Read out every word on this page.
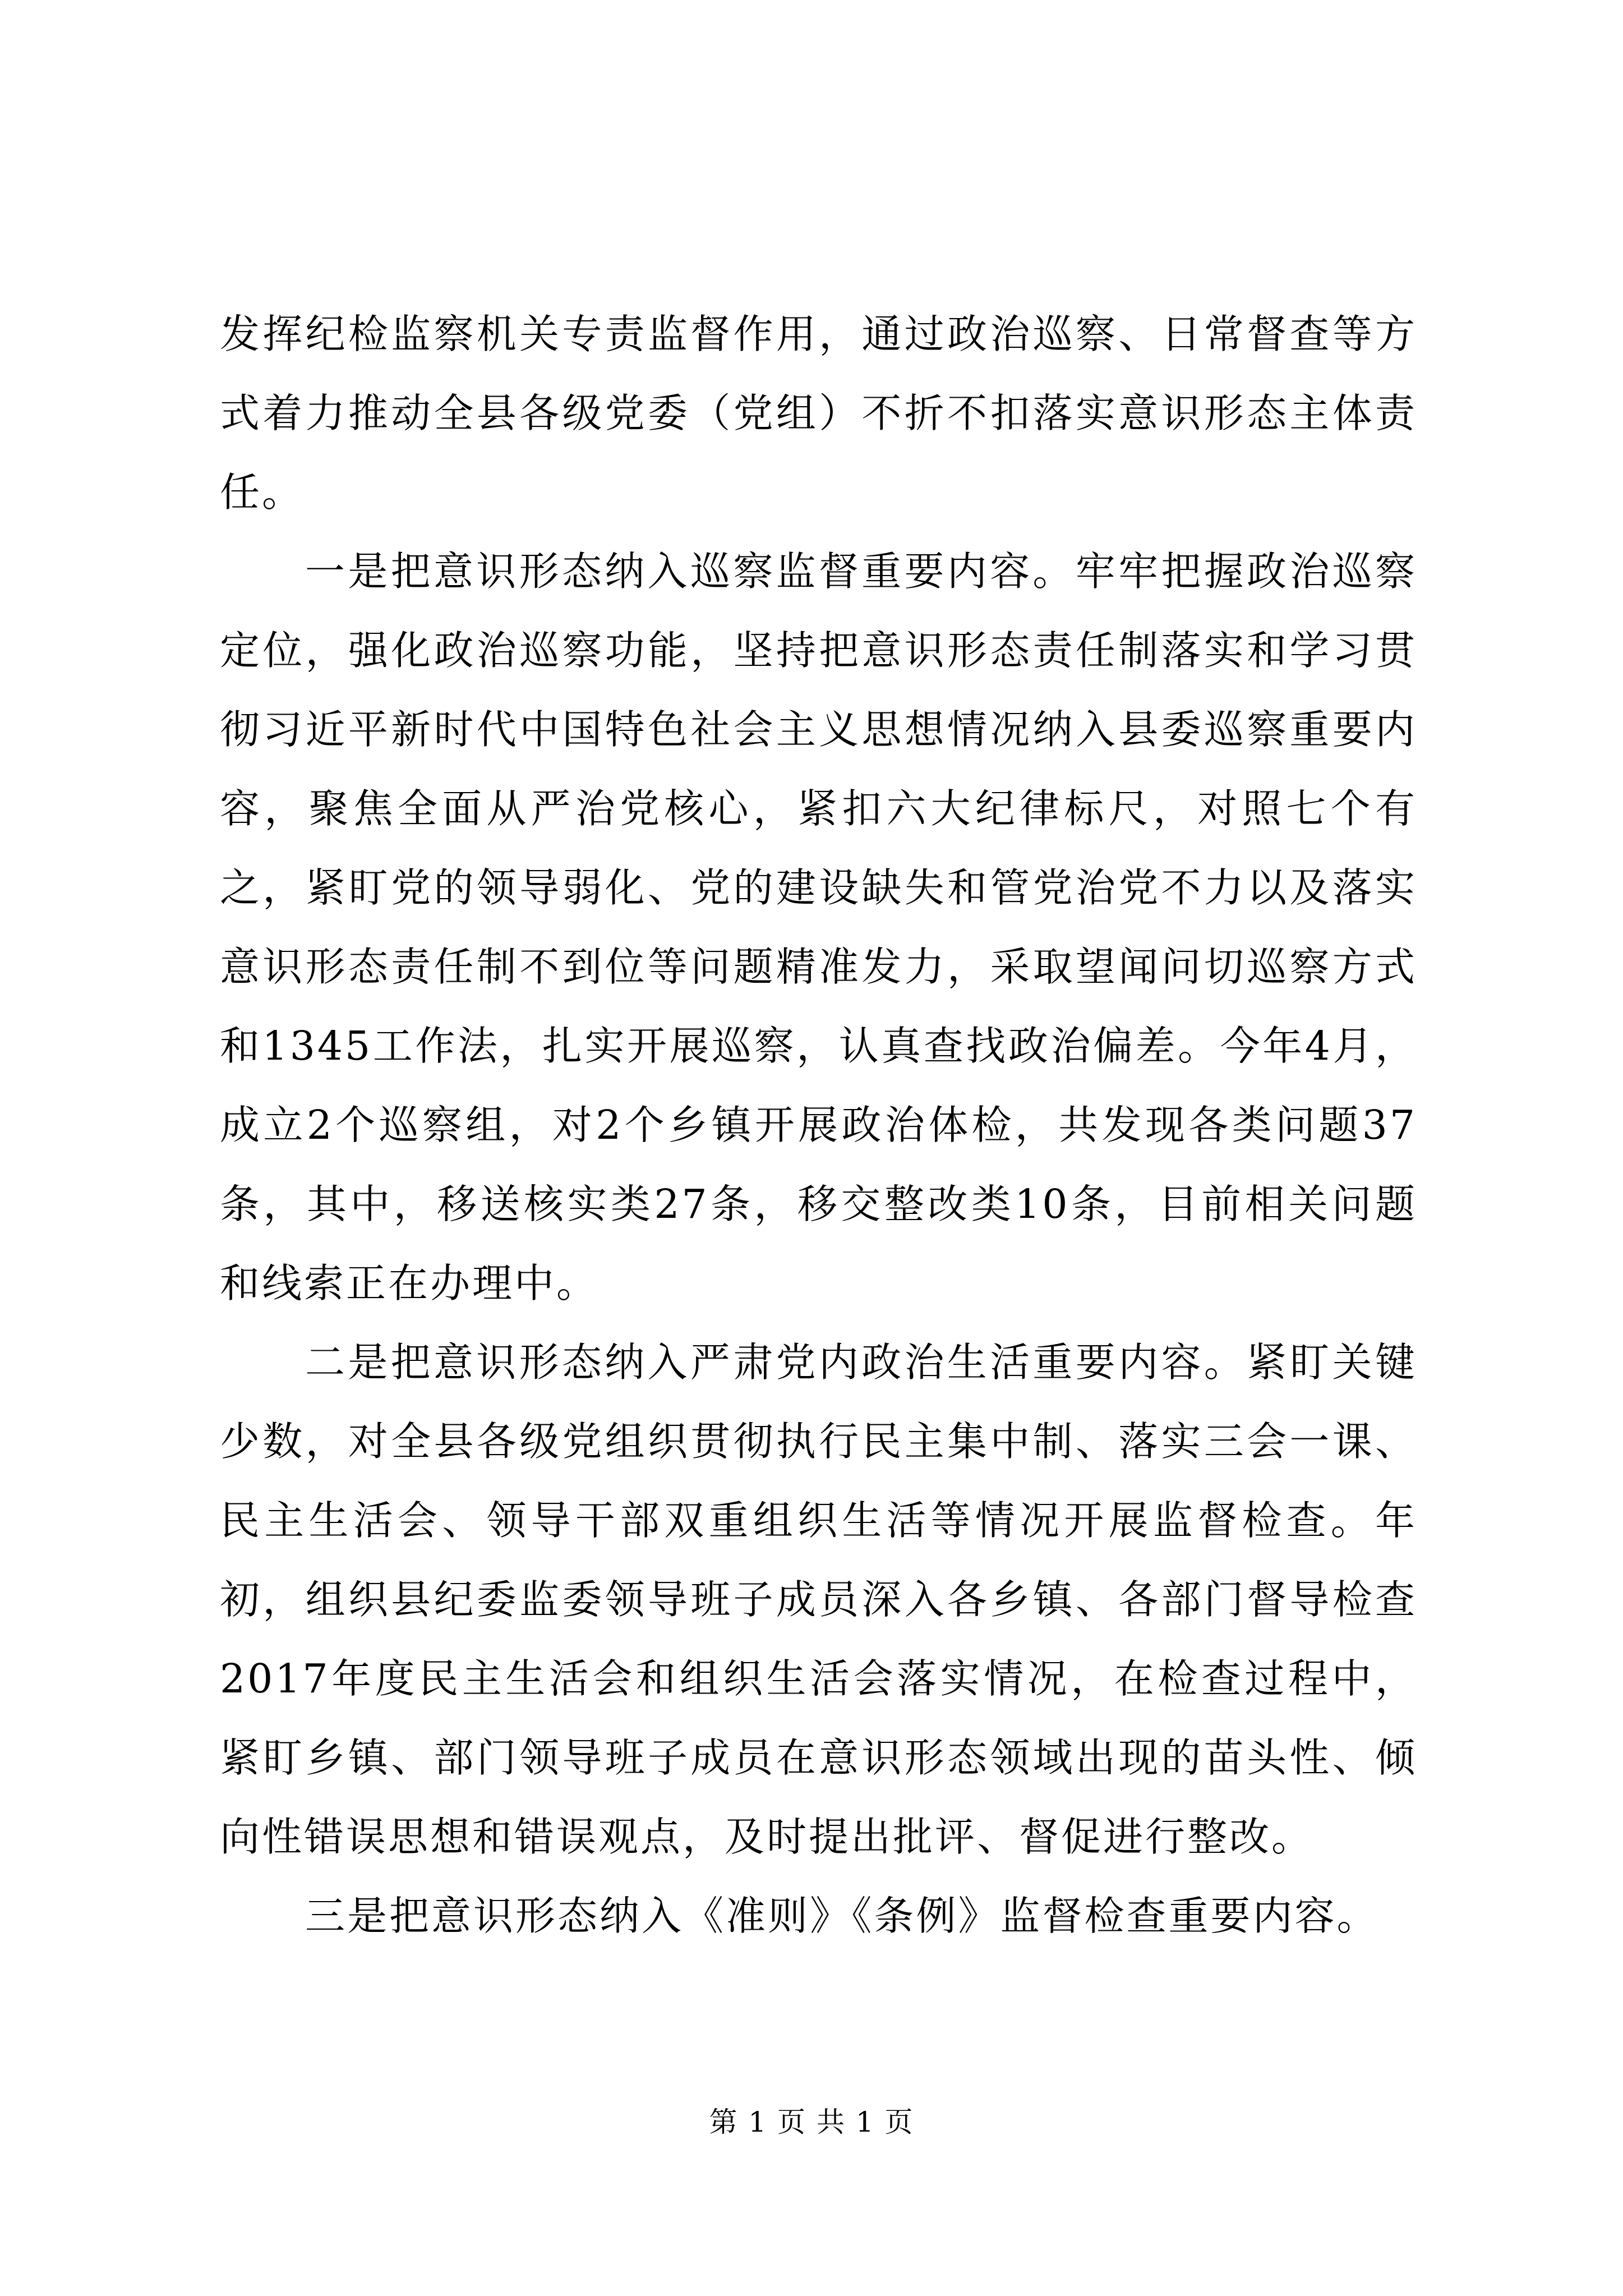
发挥纪检监察机关专责监督作用，通过政治巡察、日常督查等方式着力推动全县各级党委（党组）不折不扣落实意识形态主体责任。

一是把意识形态纳入巡察监督重要内容。牢牢把握政治巡察定位，强化政治巡察功能，坚持把意识形态责任制落实和学习贯彻习近平新时代中国特色社会主义思想情况纳入县委巡察重要内容，聚焦全面从严治党核心，紧扣六大纪律标尺，对照七个有之，紧盯党的领导弱化、党的建设缺失和管党治党不力以及落实意识形态责任制不到位等问题精准发力，采取望闻问切巡察方式和1345工作法，扎实开展巡察，认真查找政治偏差。今年4月，成立2个巡察组，对2个乡镇开展政治体检，共发现各类问题37条，其中，移送核实类27条，移交整改类10条，目前相关问题和线索正在办理中。

二是把意识形态纳入严肃党内政治生活重要内容。紧盯关键少数，对全县各级党组织贯彻执行民主集中制、落实三会一课、民主生活会、领导干部双重组织生活等情况开展监督检查。年初，组织县纪委监委领导班子成员深入各乡镇、各部门督导检查2017年度民主生活会和组织生活会落实情况，在检查过程中，紧盯乡镇、部门领导班子成员在意识形态领域出现的苗头性、倾向性错误思想和错误观点，及时提出批评、督促进行整改。

三是把意识形态纳入《准则》《条例》监督检查重要内容。

第 1 页 共 1 页
